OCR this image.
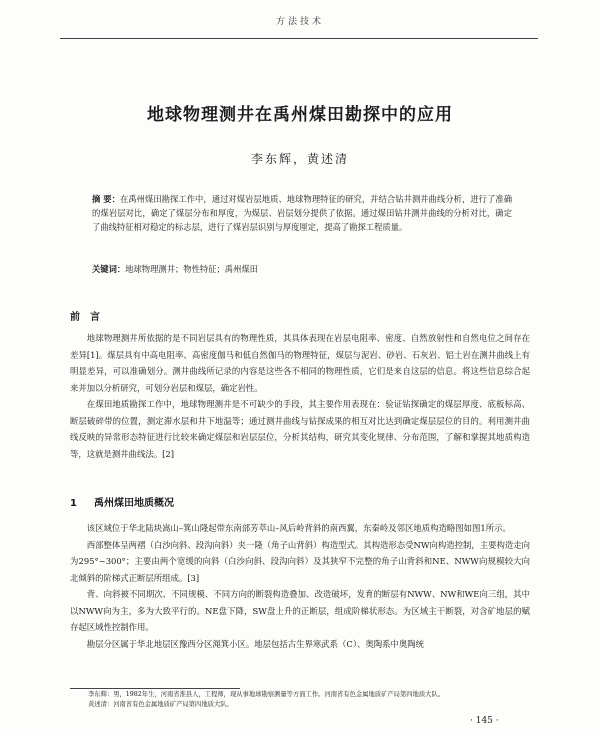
方法技术
地球物理测井在禹州煤田勘探中的应用
李东辉，黄述清
摘 要：在禹州煤田勘探工作中，通过对煤岩层地质、地球物理特征的研究，并结合钻井测井曲线分析，进行了准确的煤岩层对比，确定了煤层分布和厚度，为煤层、岩层划分提供了依据。通过煤田钻井测井曲线的分析对比，确定了曲线特征相对稳定的标志层，进行了煤岩层识别与厚度厘定，提高了勘探工程质量。
关键词：地球物理测井；物性特征；禹州煤田
前言

地球物理测井所依据的是不同岩层具有的物理性质，其具体表现在岩层电阻率、密度、自然放射性和自然电位之间存在差异[1]。煤层具有中高电阻率、高密度伽马和低自然伽马的物理特征，煤层与泥岩、砂岩、石灰岩、铝土岩在测井曲线上有明显差异，可以准确划分。测井曲线所记录的内容是这些各不相同的物理性质，它们是来自这层的信息。将这些信息综合起来并加以分析研究，可划分岩层和煤层，确定岩性。

在煤田地质勘探工作中，地球物理测井是不可缺少的手段，其主要作用表现在：验证钻探确定的煤层厚度、底板标高、断层破碎带的位置，测定滞水层和井下地温等；通过测井曲线与钻探成果的相互对比达到确定煤层层位的目的。利用测井曲线反映的异常形态特征进行比较来确定煤层和岩层层位，分析其结构，研究其变化规律、分布范围，了解和掌握其地质构造等，这就是测井曲线法。[2]

1 禹州煤田地质概况

该区域位于华北陆块嵩山–箕山隆起带东南部芳萃山–风后岭背斜的南西翼，东秦岭及邻区地质构造略图如图1所示。

西部整体呈两褶（白沙向斜、段沟向斜）夹一隆（角子山背斜）构造型式。其构造形态受NW向构造控制，主要构造走向为295°~300°；主要由两个宽缓的向斜（白沙向斜、段沟向斜）及其狭窄不完整的角子山背斜和NE、NWW向规模较大向北倾斜的阶梯式正断层所组成。[3]

背、向斜被不同期次、不同规模、不同方向的断裂构造叠加、改造破坏，发育的断层有NWW、NW和WE向三组，其中以NWW向为主，多为大致平行的。NE盘下降，SW盘上升的正断层，组成阶梯状形态。为区域主干断裂，对含矿地层的赋存起区域性控制作用。

勘层分区属于华北地层区豫西分区渑箕小区。地层包括古生界寒武系（C）、奥陶系中奥陶统

李东辉：男，1982年生，河南省淮县人，工程师，现从事地球勘察测量等方面工作。河南省有色金属地质矿产局第四地质大队。

黄述清：河南省有色金属地质矿产局第四地质大队。

· 145 ·
